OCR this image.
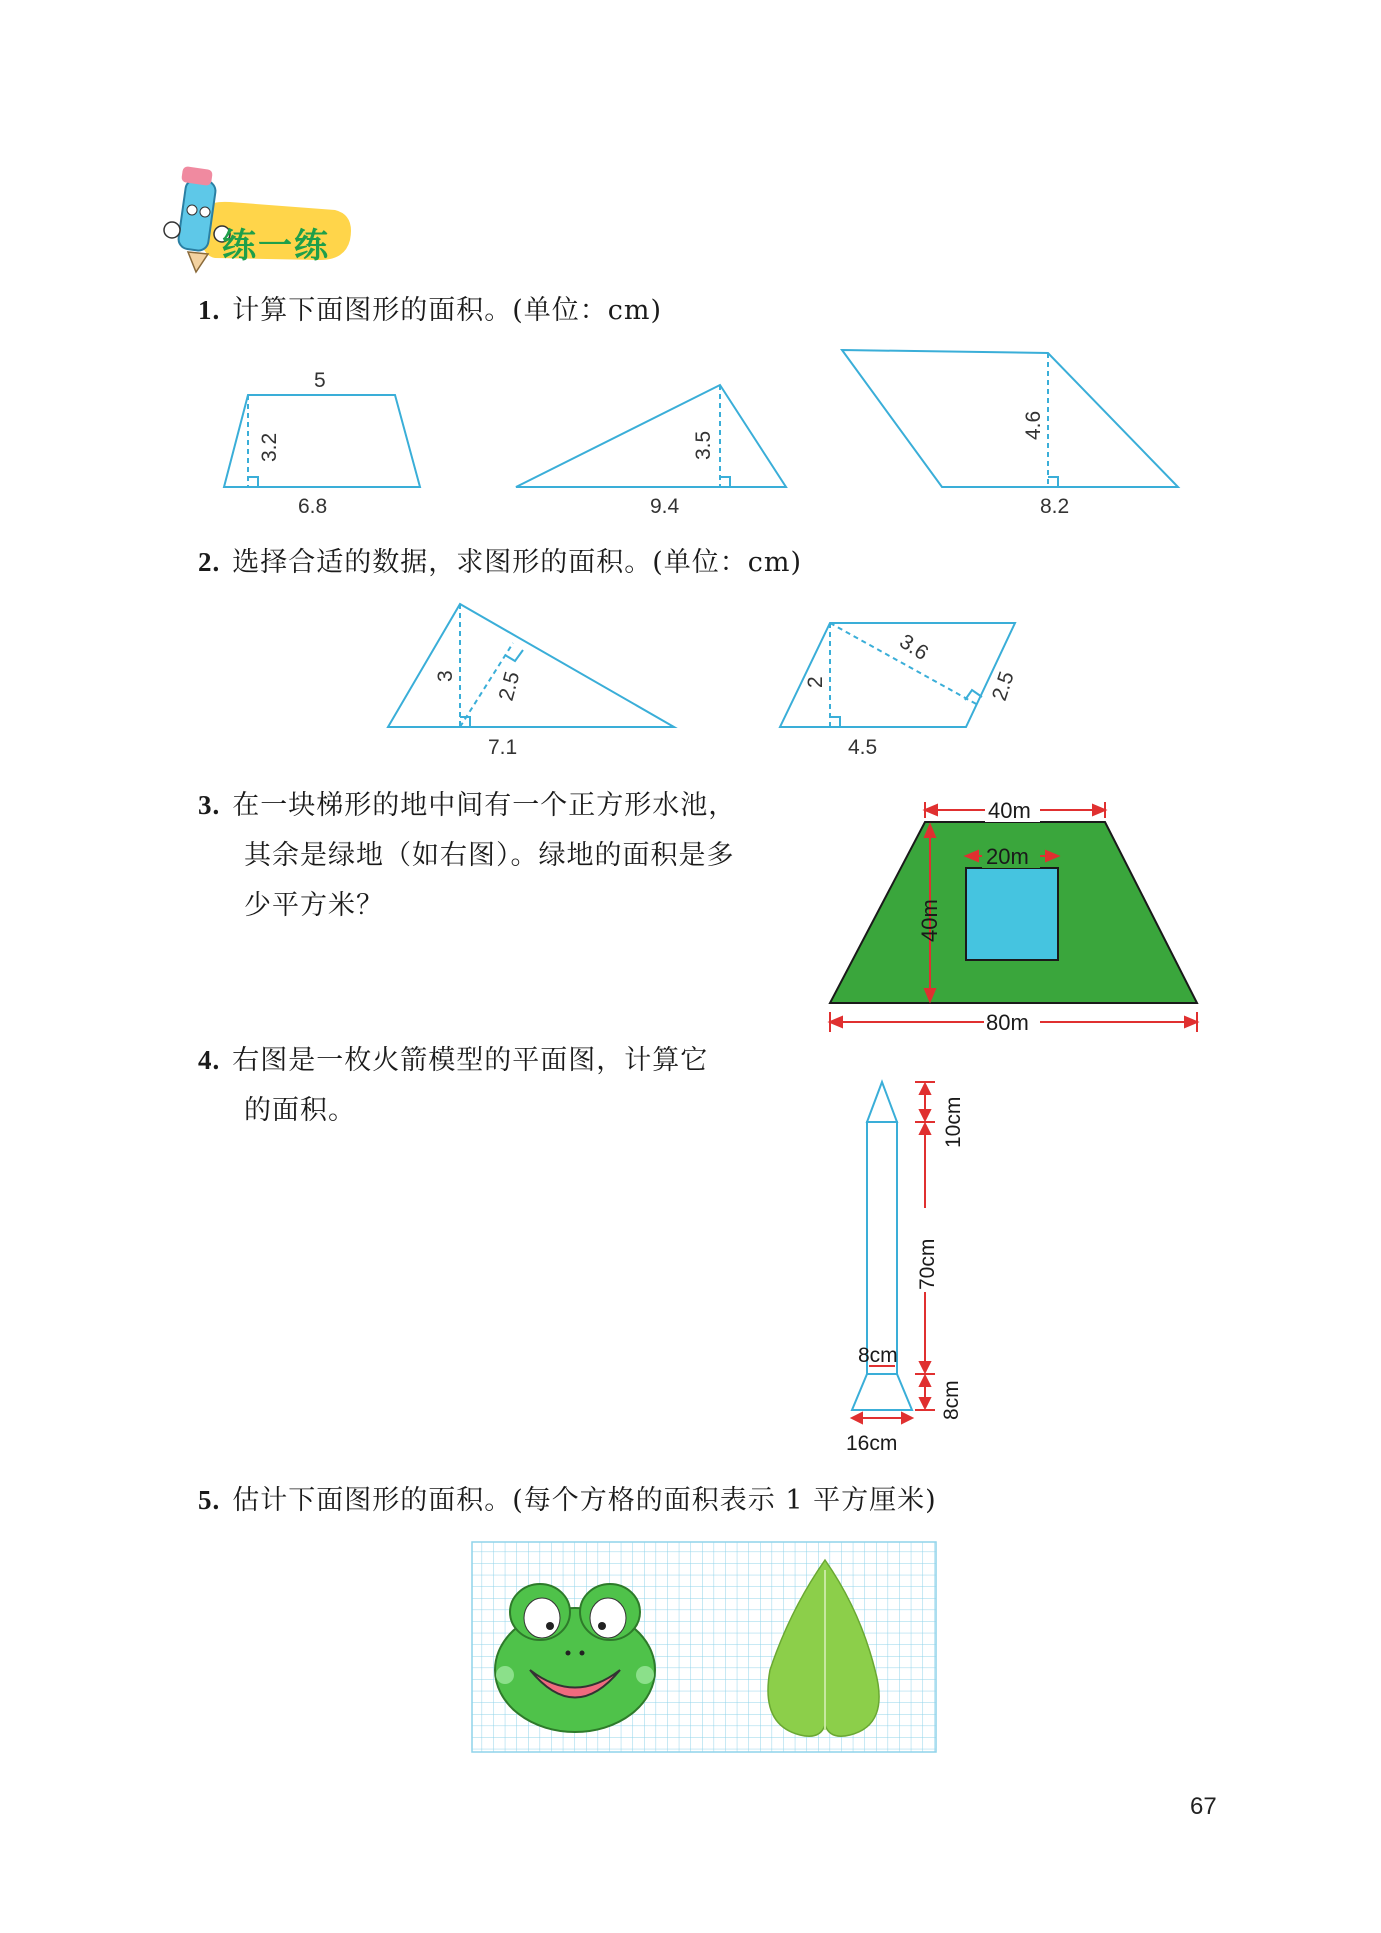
练一练
1. 计算下面图形的面积。(单位：cm)
5
3.2
6.8
3.5
9.4
4.6
8.2
2. 选择合适的数据，求图形的面积。(单位：cm)
3 2.5
7.1
2
3.6
2.5
4.5
3. 在一块梯形的地中间有一个正方形水池，
其余是绿地（如右图）。绿地的面积是多
少平方米？
40m
20m
40m
80m
4. 右图是一枚火箭模型的平面图，计算它
的面积。	10cm
70cm
8cm
8cm
16cm
5. 估计下面图形的面积。(每个方格的面积表示 1 平方厘米)
67
